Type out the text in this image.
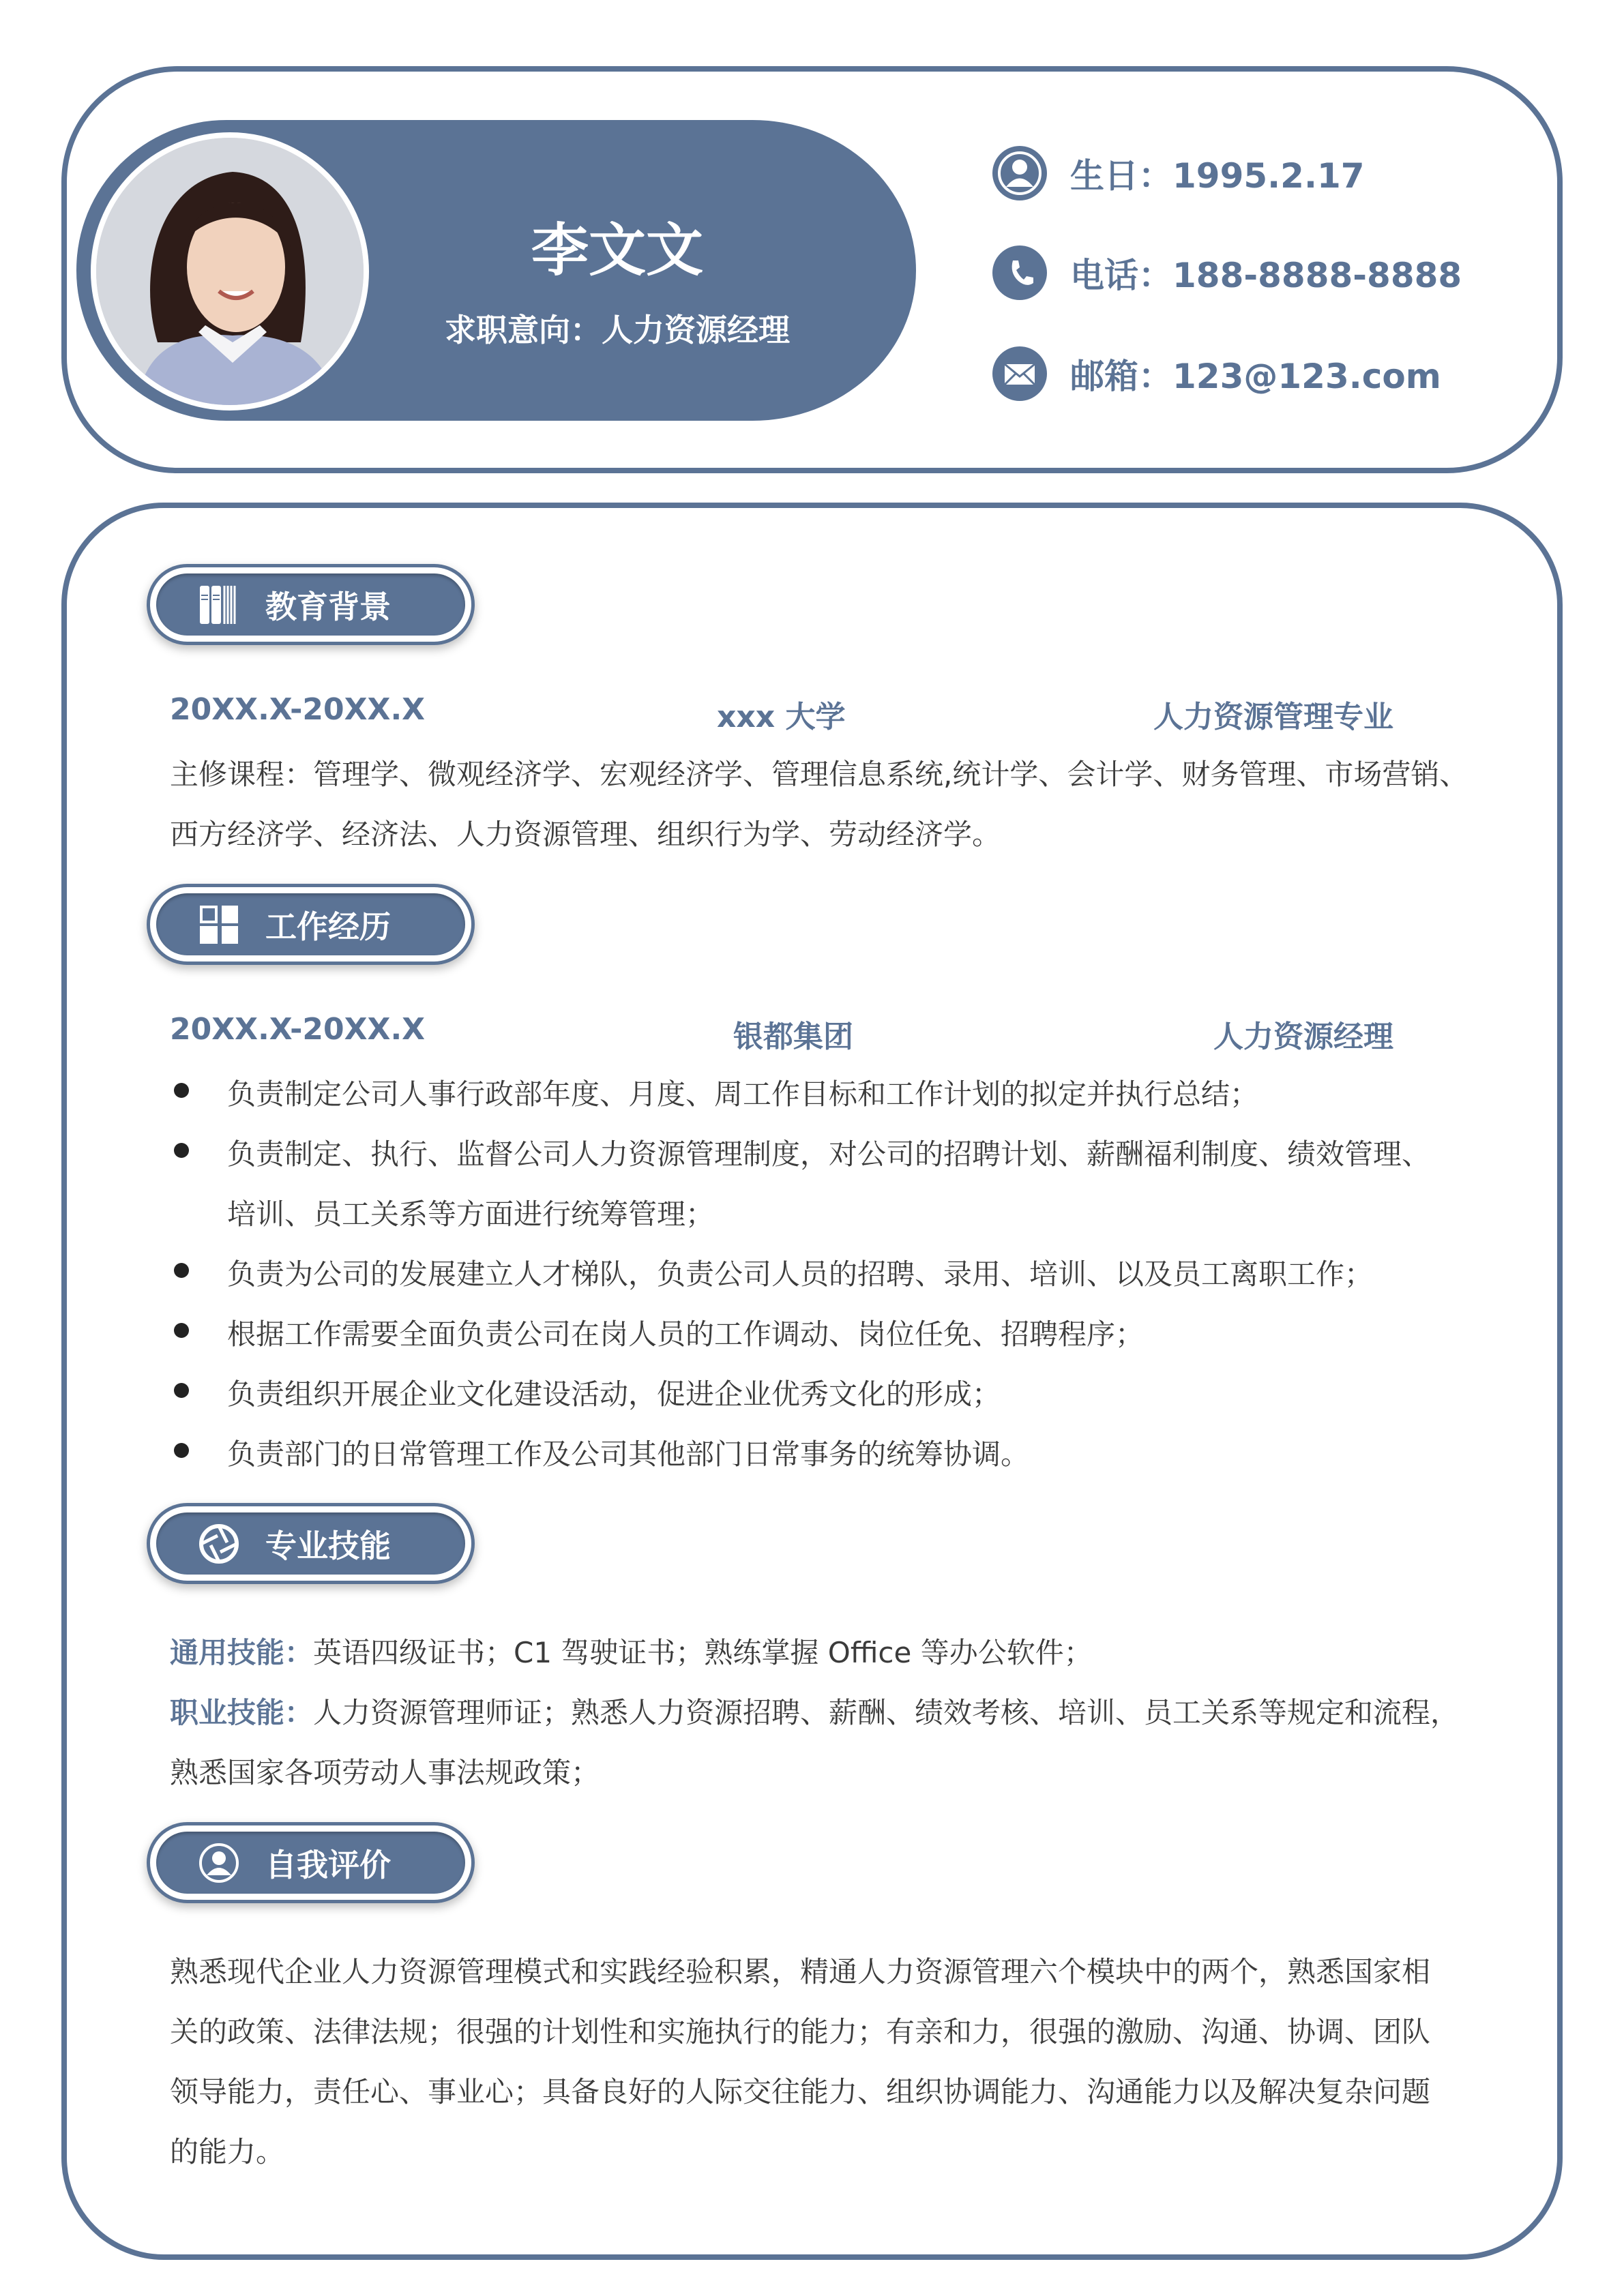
李文文
求职意向：人力资源经理
生日：1995.2.17
电话：188-8888-8888
邮箱：123@123.com
教育背景
20XX.X-20XX.X	xxx 大学	人力资源管理专业
主修课程：管理学、微观经济学、宏观经济学、管理信息系统,统计学、会计学、财务管理、市场营销、
西方经济学、经济法、人力资源管理、组织行为学、劳动经济学。
工作经历
20XX.X-20XX.X	银都集团	人力资源经理
负责制定公司人事行政部年度、月度、周工作目标和工作计划的拟定并执行总结；
负责制定、执行、监督公司人力资源管理制度，对公司的招聘计划、薪酬福利制度、绩效管理、
培训、员工关系等方面进行统筹管理；
负责为公司的发展建立人才梯队，负责公司人员的招聘、录用、培训、以及员工离职工作；
根据工作需要全面负责公司在岗人员的工作调动、岗位任免、招聘程序；
负责组织开展企业文化建设活动，促进企业优秀文化的形成；
负责部门的日常管理工作及公司其他部门日常事务的统筹协调。
专业技能
通用技能：英语四级证书；C1 驾驶证书；熟练掌握 Office 等办公软件；
职业技能：人力资源管理师证；熟悉人力资源招聘、薪酬、绩效考核、培训、员工关系等规定和流程，
熟悉国家各项劳动人事法规政策；
自我评价
熟悉现代企业人力资源管理模式和实践经验积累，精通人力资源管理六个模块中的两个，熟悉国家相
关的政策、法律法规；很强的计划性和实施执行的能力；有亲和力，很强的激励、沟通、协调、团队
领导能力，责任心、事业心；具备良好的人际交往能力、组织协调能力、沟通能力以及解决复杂问题
的能力。
